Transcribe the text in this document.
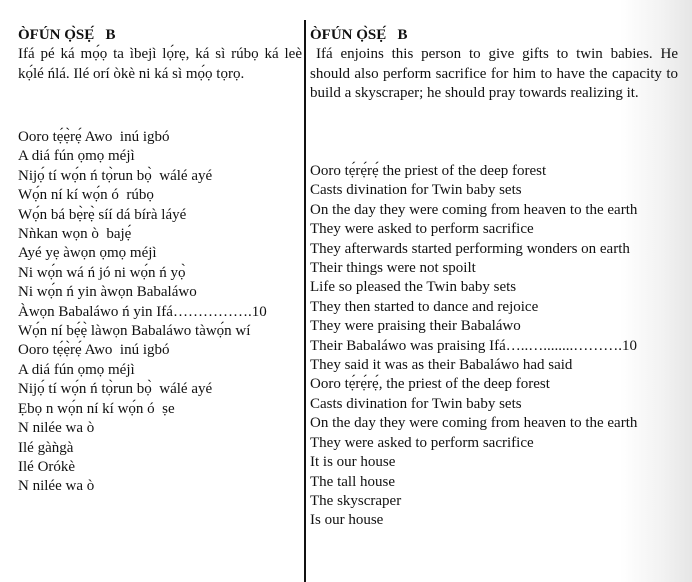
ÒFÚN Ọ̀SẸ́   B

Ifá pé ká mọ́ọ ta ìbejì lọ́rẹ, ká sì rúbọ ká leè kọ́lé ńlá. Ilé orí òkè ni ká sì mọ́ọ tọrọ.

Ooro tẹ́ẹ̀rẹ́ Awo  inú igbó
A diá fún ọmọ méjì
Nijọ́ tí wọ́n ń tọ̀run bọ̀  wálé ayé
Wọ́n ní kí wọ́n ó  rúbọ
Wọ́n bá bẹ̀rẹ̀ síí dá bírà láyé
Nǹkan wọn ò  bajẹ́
Ayé yẹ àwọn ọmọ méjì
Ni wọ́n wá ń jó ni wọ́n ń yọ̀
Ni wọ́n ń yin àwọn Babaláwo
Àwọn Babaláwo ń yin Ifá…………….10
Wọ́n ní bẹ́ẹ̀ làwọn Babaláwo tàwọ́n wí
Ooro tẹ́ẹ̀rẹ́ Awo  inú igbó
A diá fún ọmọ méjì
Nijọ́ tí wọ́n ń tọ̀run bọ̀  wálé ayé
Ẹbọ n wọ́n ní kí wọ́n ó  ṣe
N nilée wa ò
Ilé gàǹgà
Ilé Orókè
N nilée wa ò

ÒFÚN Ọ̀SẸ́   B

Ifá enjoins this person to give gifts to twin babies. He should also perform sacrifice for him to have the capacity to build a skyscraper; he should pray towards realizing it.

Ooro tẹ́rẹ́rẹ́ the priest of the deep forest
Casts divination for Twin baby sets
On the day they were coming from heaven to the earth
They were asked to perform sacrifice
They afterwards started performing wonders on earth
Their things were not spoilt
Life so pleased the Twin baby sets
They then started to dance and rejoice
They were praising their Babaláwo
Their Babaláwo was praising Ifá…..…........……….10
They said it was as their Babaláwo had said
Ooro tẹ́rẹ́rẹ́, the priest of the deep forest
Casts divination for Twin baby sets
On the day they were coming from heaven to the earth
They were asked to perform sacrifice
It is our house
The tall house
The skyscraper
Is our house
